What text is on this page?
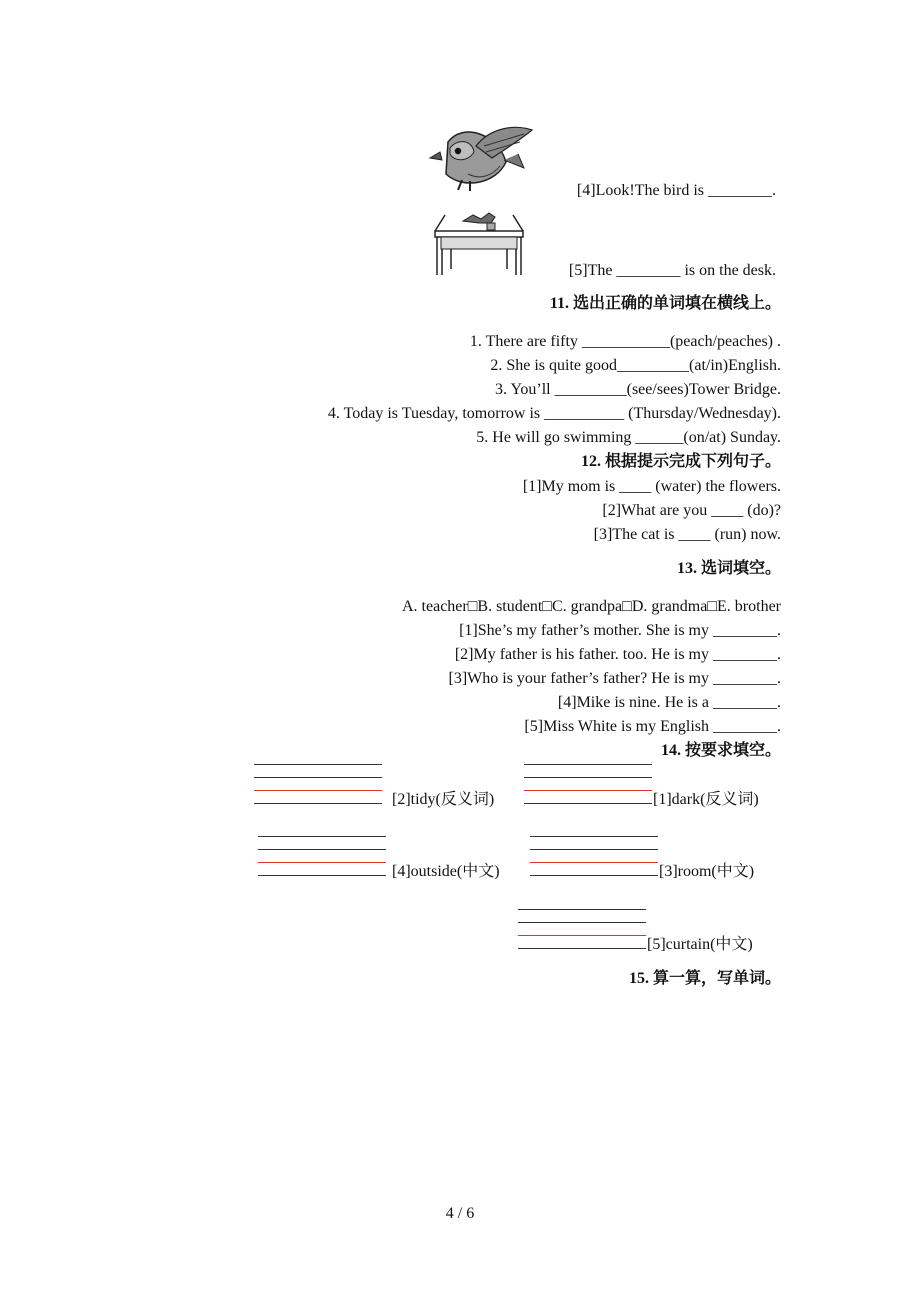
[4]Look!The bird is ________.
[5]The ________ is on the desk.
11. 选出正确的单词填在横线上。
1. There are fifty ___________(peach/peaches) .
2. She is quite good_________(at/in)English.
3. You’ll _________(see/sees)Tower Bridge.
4. Today is Tuesday, tomorrow is __________ (Thursday/Wednesday).
5. He will go swimming ______(on/at) Sunday.
12. 根据提示完成下列句子。
[1]My mom is ____ (water) the flowers.
[2]What are you ____ (do)?
[3]The cat is ____ (run) now.
13. 选词填空。
A. teacher□B. student□C. grandpa□D. grandma□E. brother
[1]She’s my father’s mother. She is my ________.
[2]My father is his father. too. He is my ________.
[3]Who is your father’s father? He is my ________.
[4]Mike is nine. He is a ________.
[5]Miss White is my English ________.
14. 按要求填空。
[2]tidy(反义词)	[1]dark(反义词)
[4]outside(中文)	[3]room(中文)
[5]curtain(中文)
15. 算一算，写单词。
4 / 6
